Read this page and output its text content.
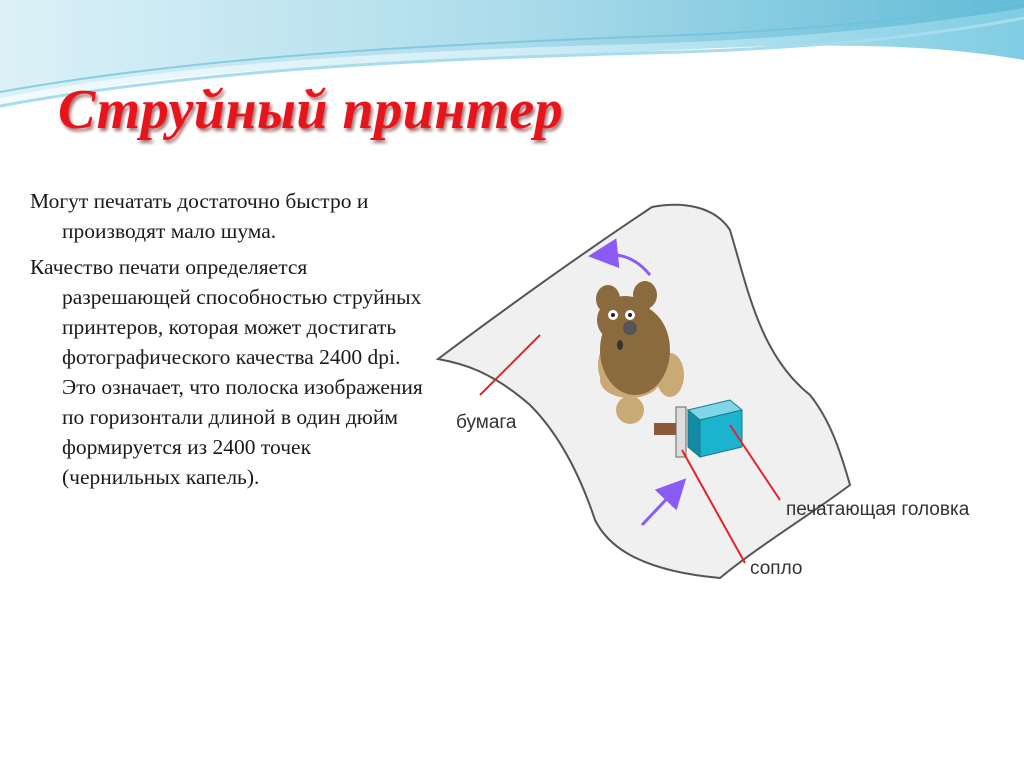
Струйный принтер

Могут печатать достаточно быстро и производят мало шума.

Качество печати определяется разрешающей способностью струйных принтеров, которая может достигать фотографического качества 2400 dpi. Это означает, что полоска изображения по горизонтали длиной в один дюйм формируется из 2400 точек (чернильных капель).

бумага
печатающая головка
сопло
